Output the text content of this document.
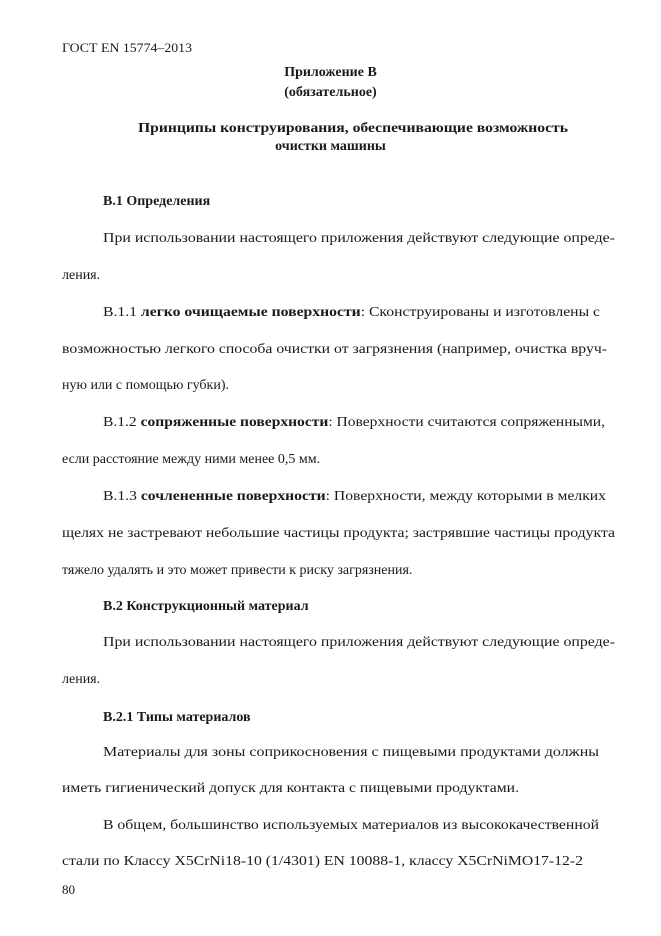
ГОСТ EN 15774–2013
Приложение В
(обязательное)
Принципы конструирования, обеспечивающие возможность
очистки машины
В.1 Определения
При использовании настоящего приложения действуют следующие опреде-
ления.
В.1.1 легко очищаемые поверхности: Сконструированы и изготовлены с
возможностью легкого способа очистки от загрязнения (например, очистка вруч-
ную или с помощью губки).
В.1.2 сопряженные поверхности: Поверхности считаются сопряженными,
если расстояние между ними менее 0,5 мм.
В.1.3 сочлененные поверхности: Поверхности, между которыми в мелких
щелях не застревают небольшие частицы продукта; застрявшие частицы продукта
тяжело удалять и это может привести к риску загрязнения.
В.2 Конструкционный материал
При использовании настоящего приложения действуют следующие опреде-
ления.
В.2.1 Типы материалов
Материалы для зоны соприкосновения с пищевыми продуктами должны
иметь гигиенический допуск для контакта с пищевыми продуктами.
В общем, большинство используемых материалов из высококачественной
стали по Классу X5CrNi18-10 (1/4301) EN 10088-1, классу X5CrNiMO17-12-2
80
